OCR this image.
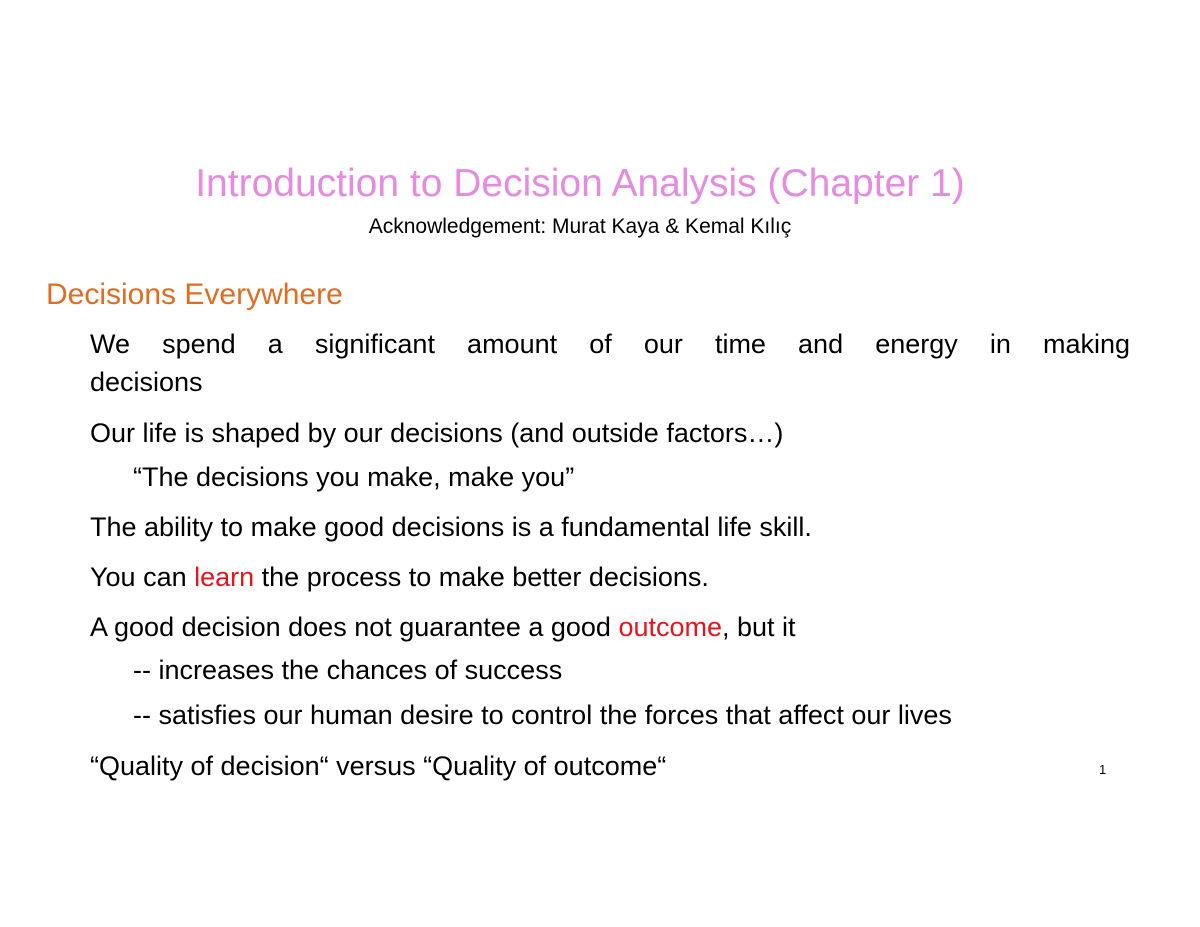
Introduction to Decision Analysis (Chapter 1)
Acknowledgement: Murat Kaya & Kemal Kılıç
Decisions Everywhere
We spend a significant amount of our time and energy in making
decisions
Our life is shaped by our decisions (and outside factors…)
“The decisions you make, make you”
The ability to make good decisions is a fundamental life skill.
You can learn the process to make better decisions.
A good decision does not guarantee a good outcome, but it
-- increases the chances of success
-- satisfies our human desire to control the forces that affect our lives
“Quality of decision“ versus “Quality of outcome“	1
